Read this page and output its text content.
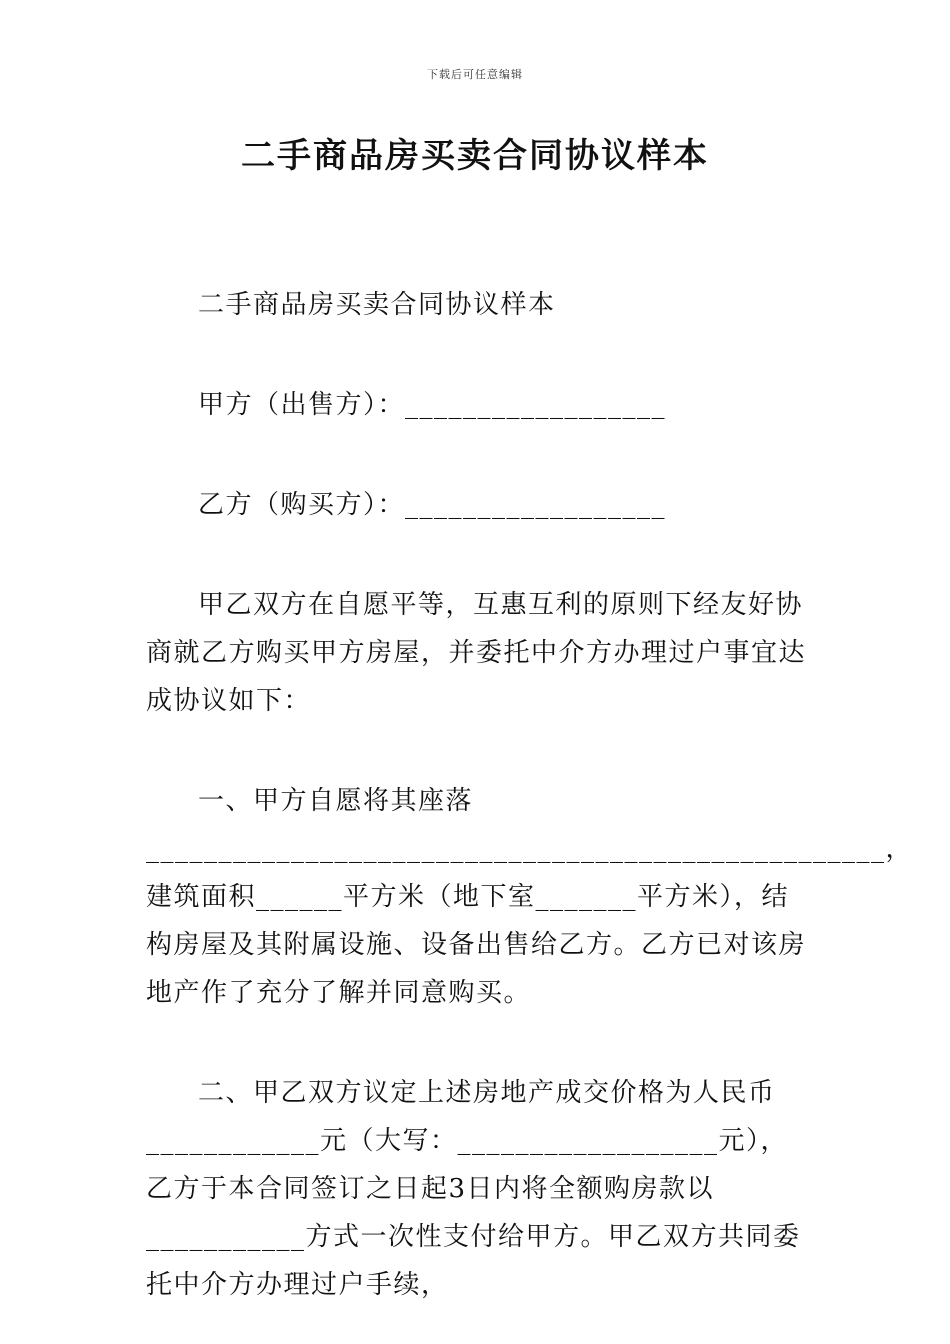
下载后可任意编辑
二手商品房买卖合同协议样本

二手商品房买卖合同协议样本

甲方（出售方）：__________________

乙方（购买方）：__________________

甲乙双方在自愿平等，互惠互利的原则下经友好协商就乙方购买甲方房屋，并委托中介方办理过户事宜达成协议如下：

一、甲方自愿将其座落___________________________________________________，建筑面积______平方米（地下室_______平方米），结构房屋及其附属设施、设备出售给乙方。乙方已对该房地产作了充分了解并同意购买。

二、甲乙双方议定上述房地产成交价格为人民币____________元（大写：__________________元），乙方于本合同签订之日起3日内将全额购房款以___________方式一次性支付给甲方。甲乙双方共同委托中介方办理过户手续，
